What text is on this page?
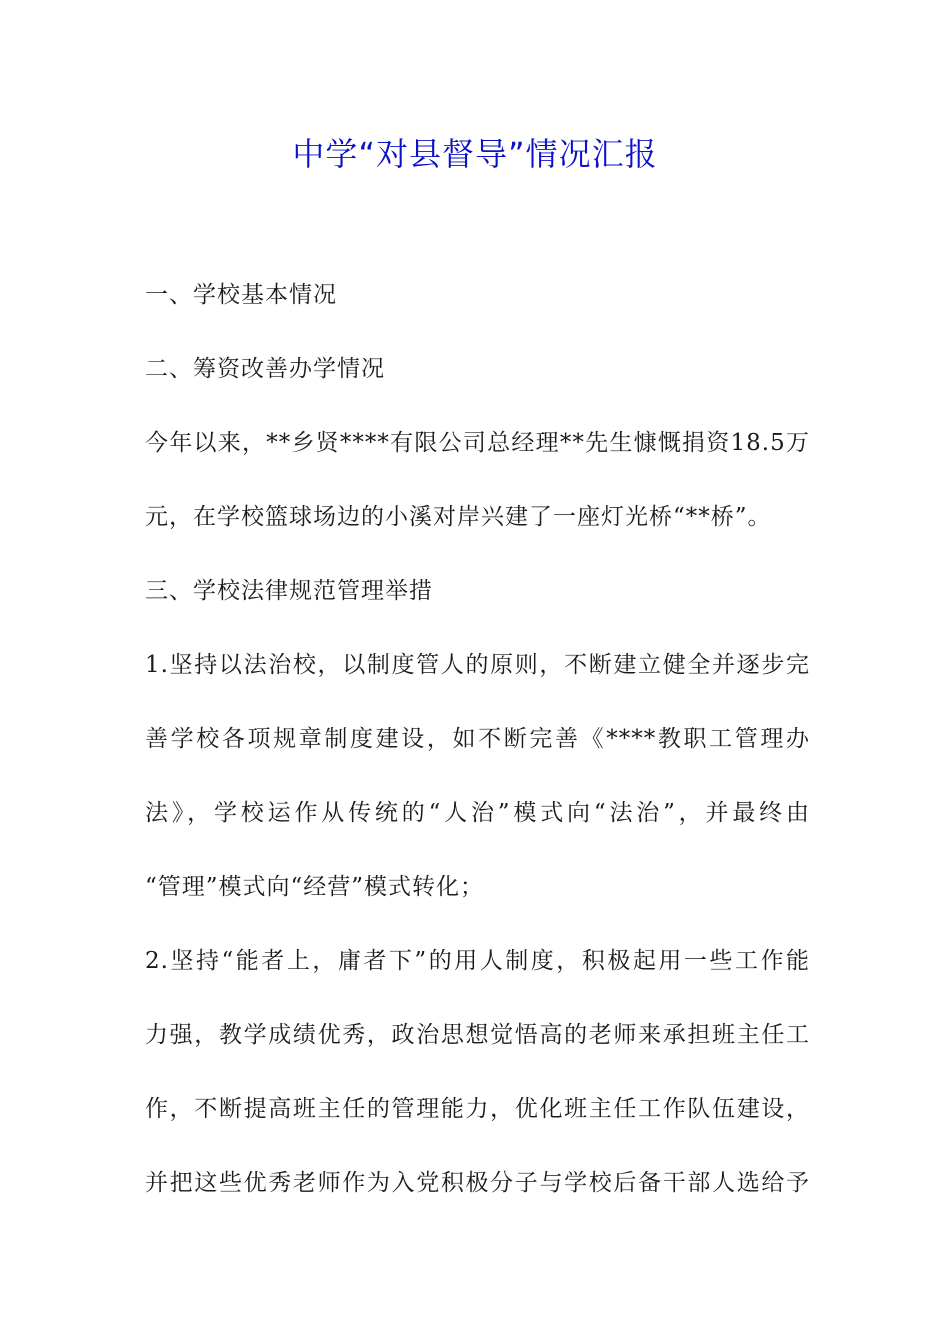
中学“对县督导”情况汇报
一、学校基本情况
二、筹资改善办学情况
今年以来，**乡贤****有限公司总经理**先生慷慨捐资18.5万
元，在学校篮球场边的小溪对岸兴建了一座灯光桥“**桥”。
三、学校法律规范管理举措
1.坚持以法治校，以制度管人的原则，不断建立健全并逐步完
善学校各项规章制度建设，如不断完善《****教职工管理办
法》，学校运作从传统的“人治”模式向“法治”，并最终由
“管理”模式向“经营”模式转化；
2.坚持“能者上，庸者下”的用人制度，积极起用一些工作能
力强，教学成绩优秀，政治思想觉悟高的老师来承担班主任工
作，不断提高班主任的管理能力，优化班主任工作队伍建设，
并把这些优秀老师作为入党积极分子与学校后备干部人选给予
